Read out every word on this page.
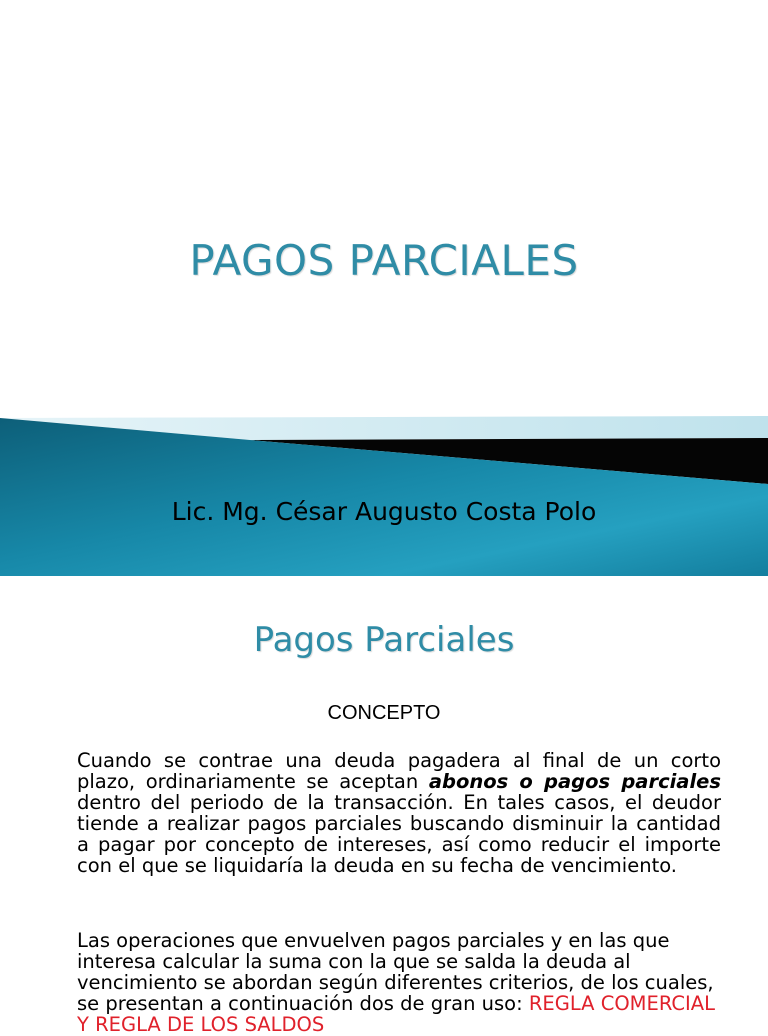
PAGOS PARCIALES
Lic. Mg. César Augusto Costa Polo
Pagos Parciales
CONCEPTO
Cuando se contrae una deuda pagadera al final de un corto plazo, ordinariamente se aceptan abonos o pagos parciales dentro del periodo de la transacción. En tales casos, el deudor tiende a realizar pagos parciales buscando disminuir la cantidad a pagar por concepto de intereses, así como reducir el importe con el que se liquidaría la deuda en su fecha de vencimiento.
Las operaciones que envuelven pagos parciales y en las que interesa calcular la suma con la que se salda la deuda al vencimiento se abordan según diferentes criterios, de los cuales, se presentan a continuación dos de gran uso: REGLA COMERCIAL Y REGLA DE LOS SALDOS
